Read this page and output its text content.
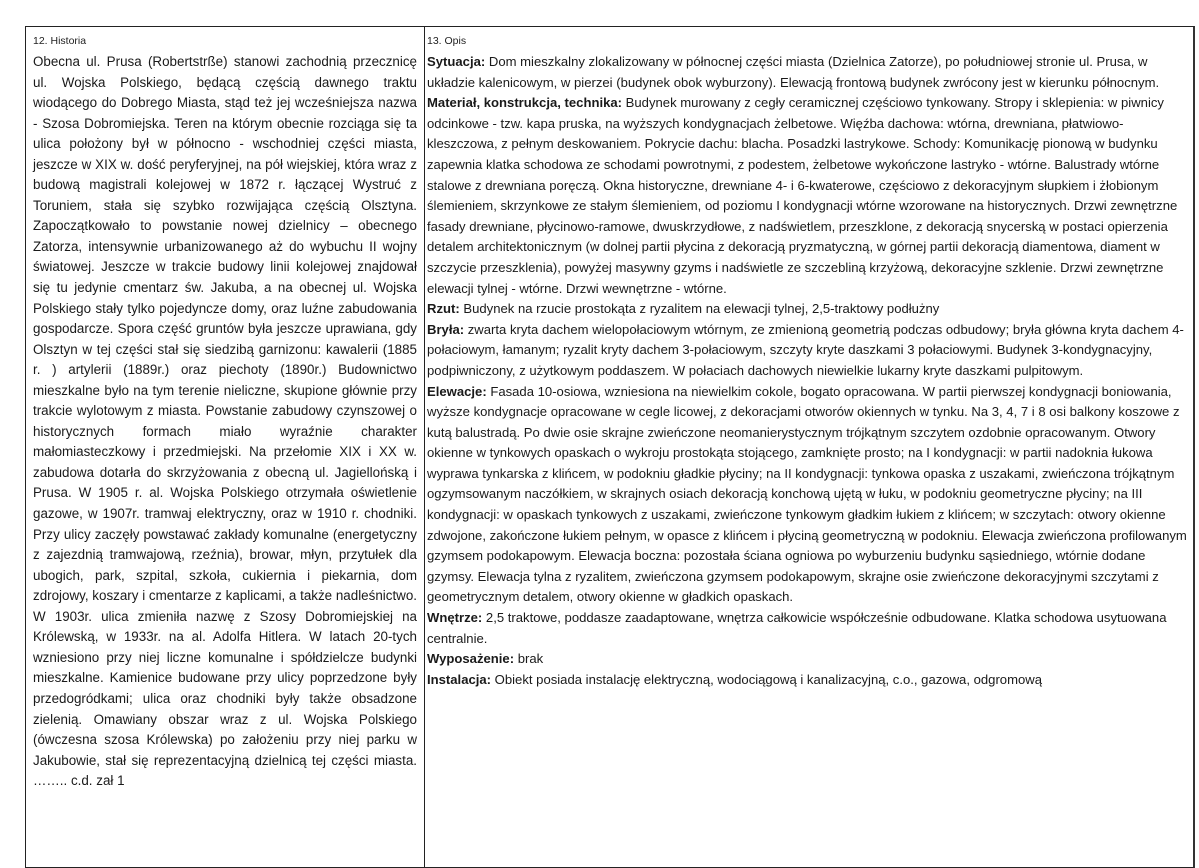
12. Historia

Obecna ul. Prusa (Robertstrße) stanowi zachodnią przecznicę ul. Wojska Polskiego, będącą częścią dawnego traktu wiodącego do Dobrego Miasta, stąd też jej wcześniejsza nazwa - Szosa Dobromiejska. Teren na którym obecnie rozciąga się ta ulica położony był w północno - wschodniej części miasta, jeszcze w XIX w. dość peryferyjnej, na pół wiejskiej, która wraz z budową magistrali kolejowej w 1872 r. łączącej Wystruć z Toruniem, stała się szybko rozwijająca częścią Olsztyna. Zapoczątkowało to powstanie nowej dzielnicy – obecnego Zatorza, intensywnie urbanizowanego aż do wybuchu II wojny światowej. Jeszcze w trakcie budowy linii kolejowej znajdował się tu jedynie cmentarz św. Jakuba, a na obecnej ul. Wojska Polskiego stały tylko pojedyncze domy, oraz luźne zabudowania gospodarcze. Spora część gruntów była jeszcze uprawiana, gdy Olsztyn w tej części stał się siedzibą garnizonu: kawalerii (1885 r. ) artylerii (1889r.) oraz piechoty (1890r.) Budownictwo mieszkalne było na tym terenie nieliczne, skupione głównie przy trakcie wylotowym z miasta. Powstanie zabudowy czynszowej o historycznych formach miało wyraźnie charakter małomiasteczkowy i przedmiejski. Na przełomie XIX i XX w. zabudowa dotarła do skrzyżowania z obecną ul. Jagiellońską i Prusa. W 1905 r. al. Wojska Polskiego otrzymała oświetlenie gazowe, w 1907r. tramwaj elektryczny, oraz w 1910 r. chodniki. Przy ulicy zaczęły powstawać zakłady komunalne (energetyczny z zajezdnią tramwajową, rzeźnia), browar, młyn, przytułek dla ubogich, park, szpital, szkoła, cukiernia i piekarnia, dom zdrojowy, koszary i cmentarze z kaplicami, a także nadleśnictwo. W 1903r. ulica zmieniła nazwę z Szosy Dobromiejskiej na Królewską, w 1933r. na al. Adolfa Hitlera. W latach 20-tych wzniesiono przy niej liczne komunalne i spółdzielcze budynki mieszkalne. Kamienice budowane przy ulicy poprzedzone były przedogródkami; ulica oraz chodniki były także obsadzone zielenią. Omawiany obszar wraz z ul. Wojska Polskiego (ówczesna szosa Królewska) po założeniu przy niej parku w Jakubowie, stał się reprezentacyjną dzielnicą tej części miasta. …….. c.d. zał 1

13. Opis

Sytuacja: Dom mieszkalny zlokalizowany w północnej części miasta (Dzielnica Zatorze), po południowej stronie ul. Prusa, w układzie kalenicowym, w pierzei (budynek obok wyburzony). Elewacją frontową budynek zwrócony jest w kierunku północnym.

Materiał, konstrukcja, technika: Budynek murowany z cegły ceramicznej częściowo tynkowany. Stropy i sklepienia: w piwnicy odcinkowe - tzw. kapa pruska, na wyższych kondygnacjach żelbetowe. Więźba dachowa: wtórna, drewniana, płatwiowo-kleszczowa, z pełnym deskowaniem. Pokrycie dachu: blacha. Posadzki lastrykowe. Schody: Komunikację pionową w budynku zapewnia klatka schodowa ze schodami powrotnymi, z podestem, żelbetowe wykończone lastryko - wtórne. Balustrady wtórne stalowe z drewniana poręczą. Okna historyczne, drewniane 4- i 6-kwaterowe, częściowo z dekoracyjnym słupkiem i żłobionym ślemieniem, skrzynkowe ze stałym ślemieniem, od poziomu I kondygnacji wtórne wzorowane na historycznych. Drzwi zewnętrzne fasady drewniane, płycinowo-ramowe, dwuskrzydłowe, z nadświetlem, przeszklone, z dekoracją snycerską w postaci opierzenia detalem architektonicznym (w dolnej partii płycina z dekoracją pryzmatyczną, w górnej partii dekoracją diamentowa, diament w szczycie przeszklenia), powyżej masywny gzyms i nadświetle ze szczebliną krzyżową, dekoracyjne szklenie. Drzwi zewnętrzne elewacji tylnej - wtórne. Drzwi wewnętrzne - wtórne.

Rzut: Budynek na rzucie prostokąta z ryzalitem na elewacji tylnej, 2,5-traktowy podłużny

Bryła: zwarta kryta dachem wielopołaciowym wtórnym, ze zmienioną geometrią podczas odbudowy; bryła główna kryta dachem 4-połaciowym, łamanym; ryzalit kryty dachem 3-połaciowym, szczyty kryte daszkami 3 połaciowymi. Budynek 3-kondygnacyjny, podpiwniczony, z użytkowym poddaszem. W połaciach dachowych niewielkie lukarny kryte daszkami pulpitowym.

Elewacje: Fasada 10-osiowa, wzniesiona na niewielkim cokole, bogato opracowana. W partii pierwszej kondygnacji boniowania, wyższe kondygnacje opracowane w cegle licowej, z dekoracjami otworów okiennych w tynku. Na 3, 4, 7 i 8 osi balkony koszowe z kutą balustradą. Po dwie osie skrajne zwieńczone neomanierystycznym trójkątnym szczytem ozdobnie opracowanym. Otwory okienne w tynkowych opaskach o wykroju prostokąta stojącego, zamknięte prosto; na I kondygnacji: w partii nadoknia łukowa wyprawa tynkarska z klińcem, w podokniu gładkie płyciny; na II kondygnacji: tynkowa opaska z uszakami, zwieńczona trójkątnym ogzymsowanym naczółkiem, w skrajnych osiach dekoracją konchową ujętą w łuku, w podokniu geometryczne płyciny; na III kondygnacji: w opaskach tynkowych z uszakami, zwieńczone tynkowym gładkim łukiem z klińcem; w szczytach: otwory okienne zdwojone, zakończone łukiem pełnym, w opasce z klińcem i płyciną geometryczną w podokniu. Elewacja zwieńczona profilowanym gzymsem podokapowym. Elewacja boczna: pozostała ściana ogniowa po wyburzeniu budynku sąsiedniego, wtórnie dodane gzymsy. Elewacja tylna z ryzalitem, zwieńczona gzymsem podokapowym, skrajne osie zwieńczone dekoracyjnymi szczytami z geometrycznym detalem, otwory okienne w gładkich opaskach.

Wnętrze: 2,5 traktowe, poddasze zaadaptowane, wnętrza całkowicie współcześnie odbudowane. Klatka schodowa usytuowana centralnie.

Wyposażenie: brak

Instalacja: Obiekt posiada instalację elektryczną, wodociągową i kanalizacyjną, c.o., gazowa, odgromową
